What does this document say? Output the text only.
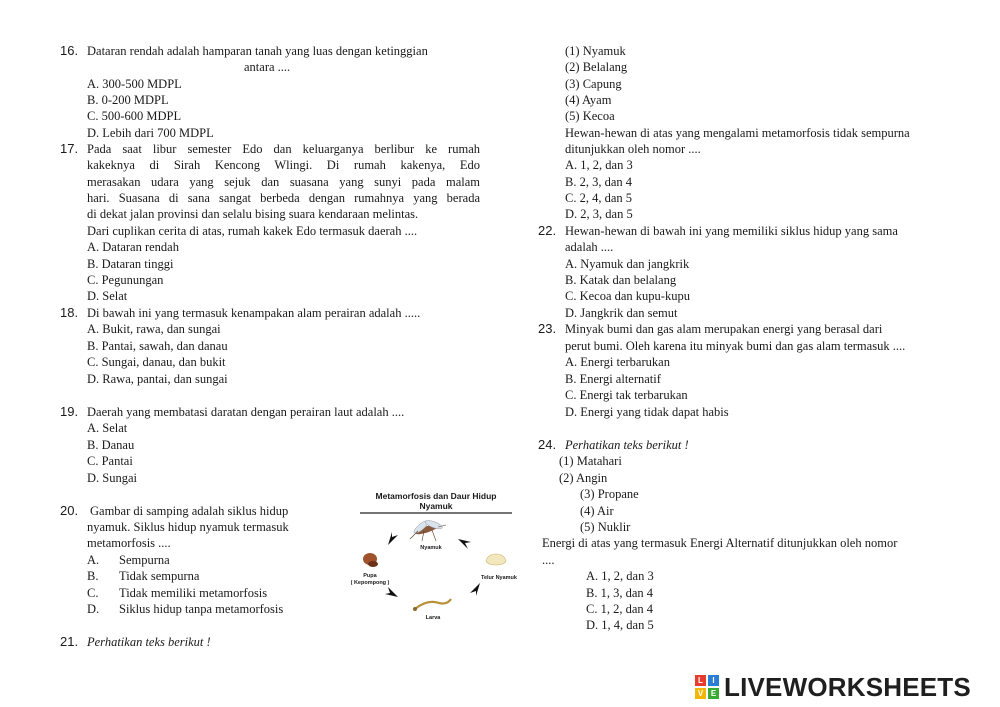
16. Dataran rendah adalah hamparan tanah yang luas dengan ketinggian
antara ....
A. 300-500 MDPL
B. 0-200 MDPL
C. 500-600 MDPL
D. Lebih dari 700 MDPL
17. Pada saat libur semester Edo dan keluarganya berlibur ke rumah
kakeknya di Sirah Kencong Wlingi. Di rumah kakenya, Edo
merasakan udara yang sejuk dan suasana yang sunyi pada malam
hari. Suasana di sana sangat berbeda dengan rumahnya yang berada
di dekat jalan provinsi dan selalu bising suara kendaraan melintas.
Dari cuplikan cerita di atas, rumah kakek Edo termasuk daerah ....
A. Dataran rendah
B. Dataran tinggi
C. Pegunungan
D. Selat
18. Di bawah ini yang termasuk kenampakan alam perairan adalah .....
A. Bukit, rawa, dan sungai
B. Pantai, sawah, dan danau
C. Sungai, danau, dan bukit
D. Rawa, pantai, dan sungai
19. Daerah yang membatasi daratan dengan perairan laut adalah ....
A. Selat
B. Danau
C. Pantai
D. Sungai
20. Gambar di samping adalah siklus hidup
nyamuk. Siklus hidup nyamuk termasuk
metamorfosis ....
A. Sempurna
B. Tidak sempurna
C. Tidak memiliki metamorfosis
D. Siklus hidup tanpa metamorfosis
Metamorfosis dan Daur Hidup
Nyamuk
Nyamuk
Telur Nyamuk
Larva
Pupa
( Kepompong )
21. Perhatikan teks berikut !
(1) Nyamuk
(2) Belalang
(3) Capung
(4) Ayam
(5) Kecoa
Hewan-hewan di atas yang mengalami metamorfosis tidak sempurna
ditunjukkan oleh nomor ....
A. 1, 2, dan 3
B. 2, 3, dan 4
C. 2, 4, dan 5
D. 2, 3, dan 5
22. Hewan-hewan di bawah ini yang memiliki siklus hidup yang sama
adalah ....
A. Nyamuk dan jangkrik
B. Katak dan belalang
C. Kecoa dan kupu-kupu
D. Jangkrik dan semut
23. Minyak bumi dan gas alam merupakan energi yang berasal dari
perut bumi. Oleh karena itu minyak bumi dan gas alam termasuk ....
A. Energi terbarukan
B. Energi alternatif
C. Energi tak terbarukan
D. Energi yang tidak dapat habis
24. Perhatikan teks berikut !
(1) Matahari
(2) Angin
(3) Propane
(4) Air
(5) Nuklir
Energi di atas yang termasuk Energi Alternatif ditunjukkan oleh nomor
....
A. 1, 2, dan 3
B. 1, 3, dan 4
C. 1, 2, dan 4
D. 1, 4, dan 5
L	I
V E LIVEWORKSHEETS
